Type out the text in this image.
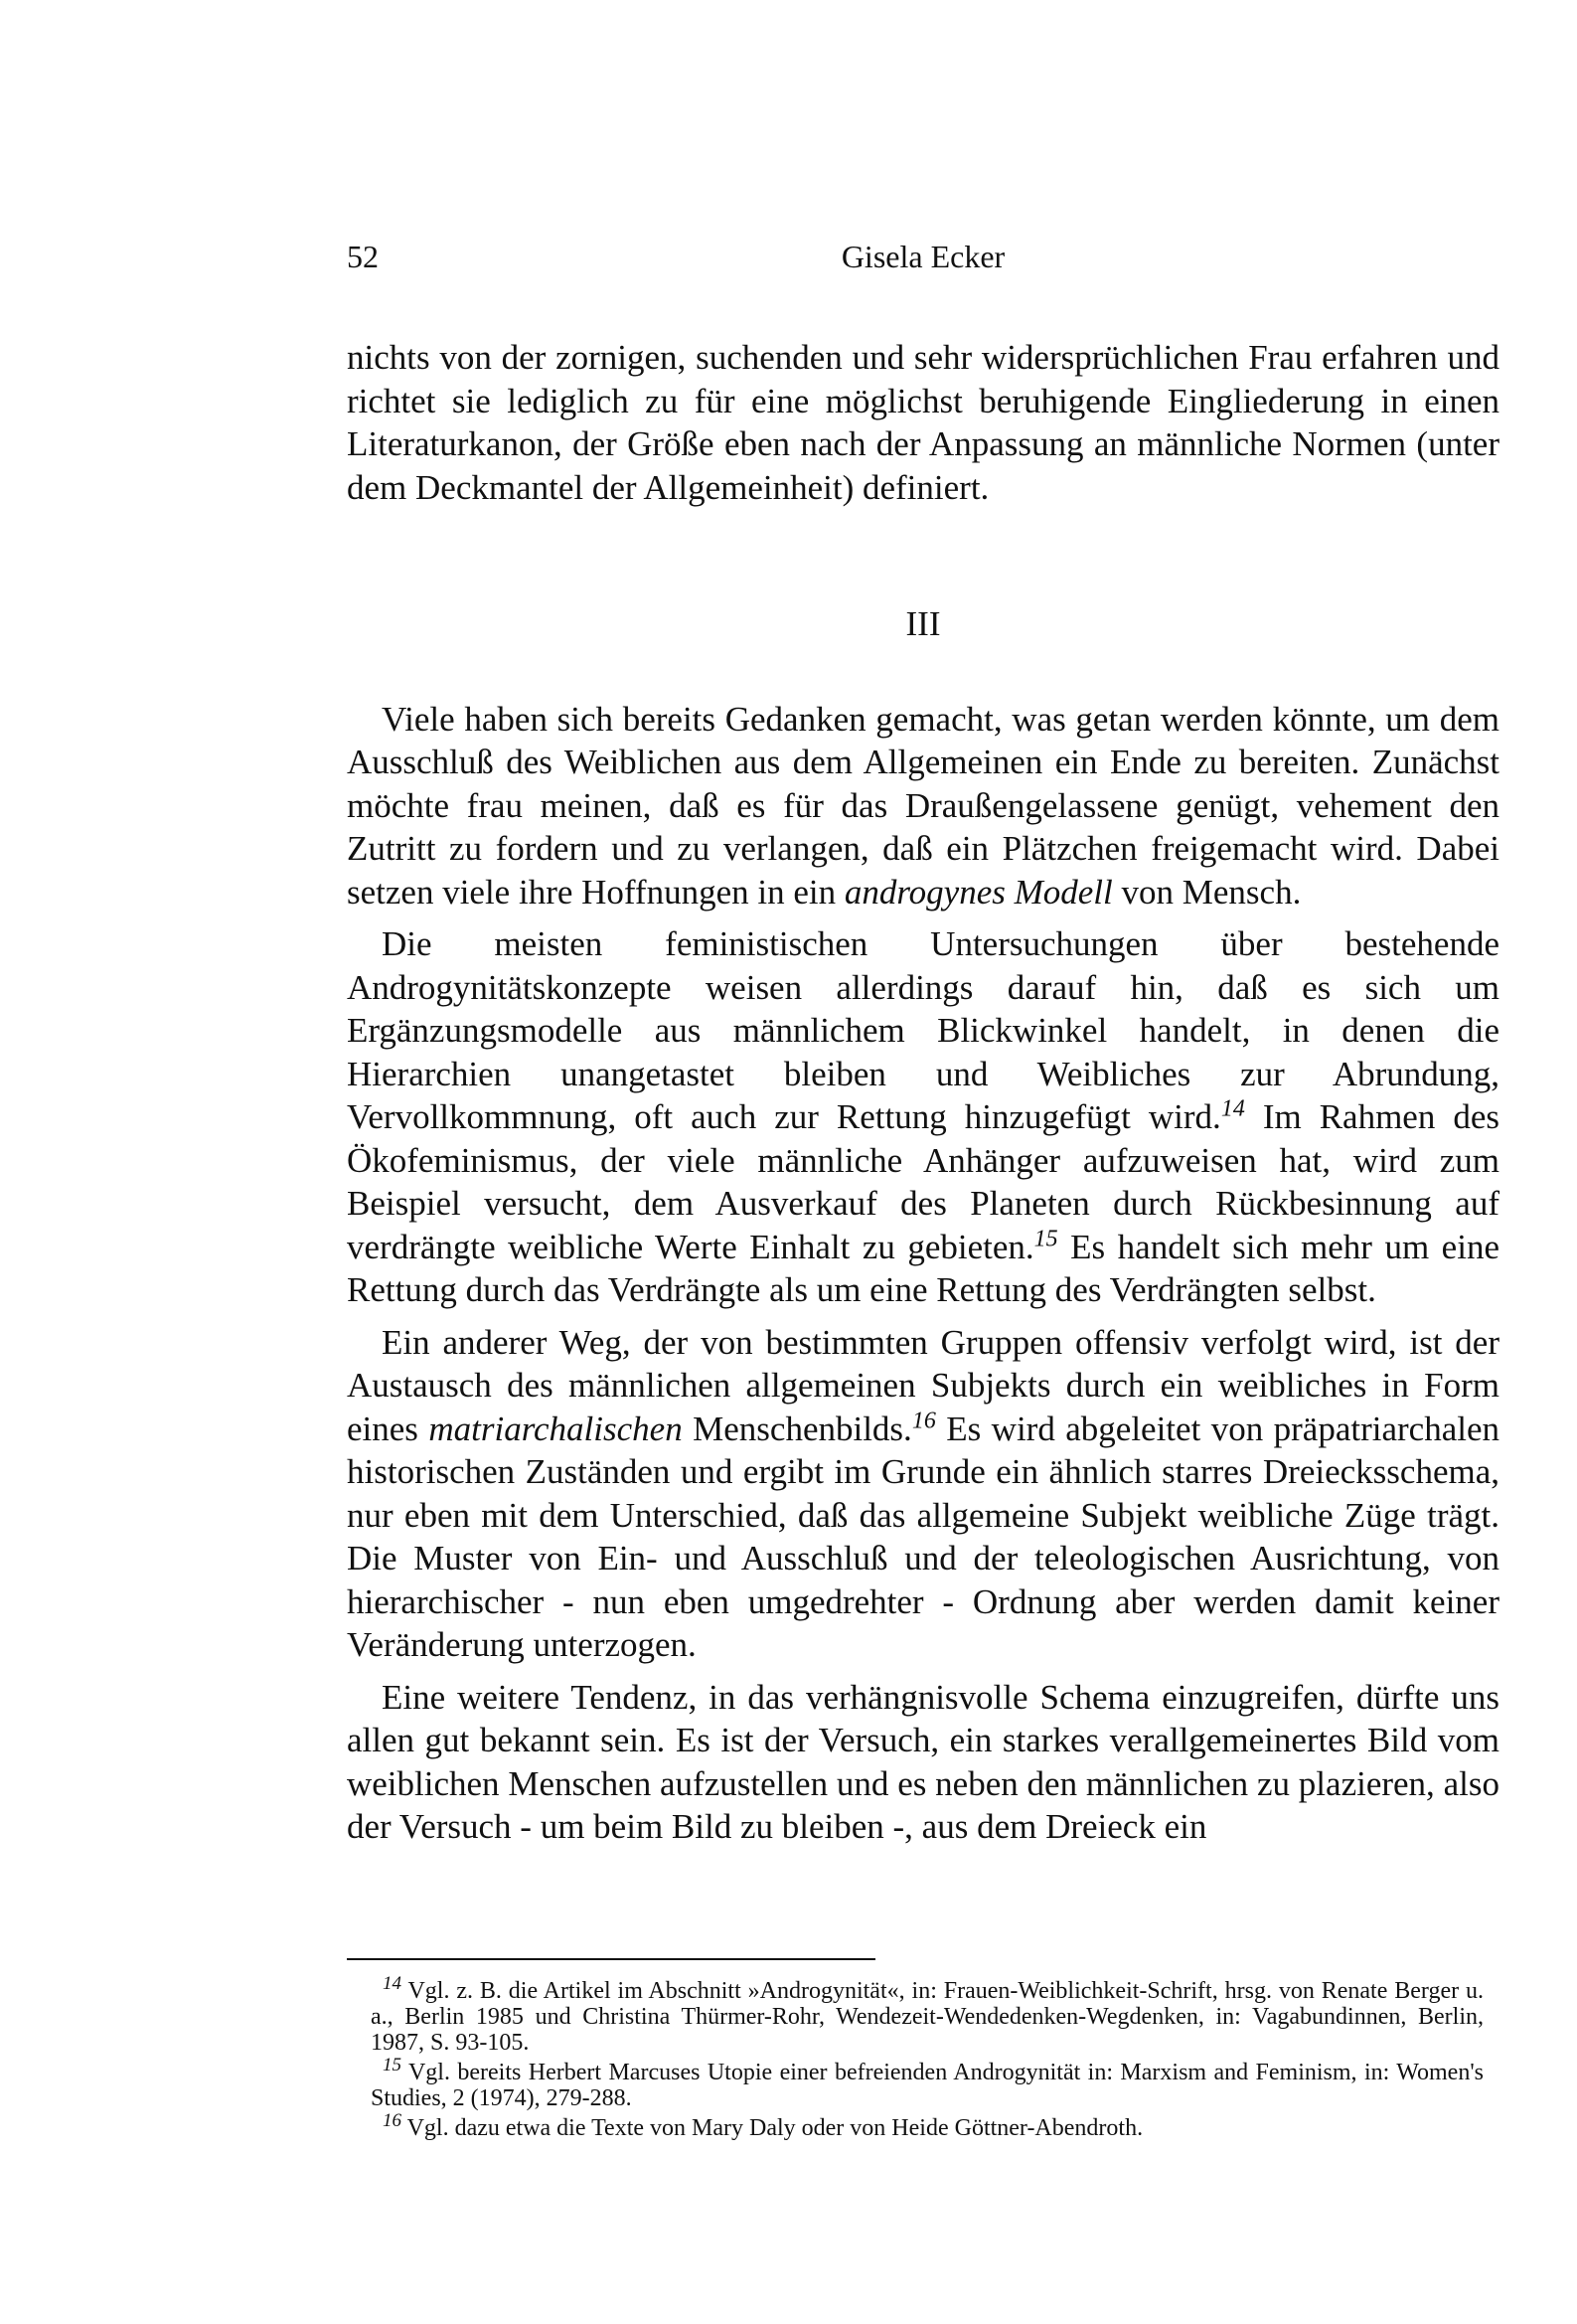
52	Gisela Ecker

nichts von der zornigen, suchenden und sehr widersprüchlichen Frau erfahren und richtet sie lediglich zu für eine möglichst beruhigende Eingliederung in einen Literaturkanon, der Größe eben nach der Anpassung an männliche Normen (unter dem Deckmantel der Allgemeinheit) definiert.

III

Viele haben sich bereits Gedanken gemacht, was getan werden könnte, um dem Ausschluß des Weiblichen aus dem Allgemeinen ein Ende zu bereiten. Zunächst möchte frau meinen, daß es für das Draußengelassene genügt, vehement den Zutritt zu fordern und zu verlangen, daß ein Plätzchen freigemacht wird. Dabei setzen viele ihre Hoffnungen in ein androgynes Modell von Mensch.

Die meisten feministischen Untersuchungen über bestehende Androgynitätskonzepte weisen allerdings darauf hin, daß es sich um Ergänzungsmodelle aus männlichem Blickwinkel handelt, in denen die Hierarchien unangetastet bleiben und Weibliches zur Abrundung, Vervollkommnung, oft auch zur Rettung hinzugefügt wird.$^{14}$ Im Rahmen des Ökofeminismus, der viele männliche Anhänger aufzuweisen hat, wird zum Beispiel versucht, dem Ausverkauf des Planeten durch Rückbesinnung auf verdrängte weibliche Werte Einhalt zu gebieten.$^{15}$ Es handelt sich mehr um eine Rettung durch das Verdrängte als um eine Rettung des Verdrängten selbst.

Ein anderer Weg, der von bestimmten Gruppen offensiv verfolgt wird, ist der Austausch des männlichen allgemeinen Subjekts durch ein weibliches in Form eines matriarchalischen Menschenbilds.$^{16}$ Es wird abgeleitet von präpatriarchalen historischen Zuständen und ergibt im Grunde ein ähnlich starres Dreiecksschema, nur eben mit dem Unterschied, daß das allgemeine Subjekt weibliche Züge trägt. Die Muster von Ein- und Ausschluß und der teleologischen Ausrichtung, von hierarchischer - nun eben umgedrehter - Ordnung aber werden damit keiner Veränderung unterzogen.

Eine weitere Tendenz, in das verhängnisvolle Schema einzugreifen, dürfte uns allen gut bekannt sein. Es ist der Versuch, ein starkes verallgemeinertes Bild vom weiblichen Menschen aufzustellen und es neben den männlichen zu plazieren, also der Versuch - um beim Bild zu bleiben -, aus dem Dreieck ein

$^{14}$ Vgl. z. B. die Artikel im Abschnitt »Androgynität«, in: Frauen-Weiblichkeit-Schrift, hrsg. von Renate Berger u. a., Berlin 1985 und Christina Thürmer-Rohr, Wendezeit-Wendedenken-Wegdenken, in: Vagabundinnen, Berlin, 1987, S. 93-105.

$^{15}$ Vgl. bereits Herbert Marcuses Utopie einer befreienden Androgynität in: Marxism and Feminism, in: Women's Studies, 2 (1974), 279-288.

$^{16}$ Vgl. dazu etwa die Texte von Mary Daly oder von Heide Göttner-Abendroth.
